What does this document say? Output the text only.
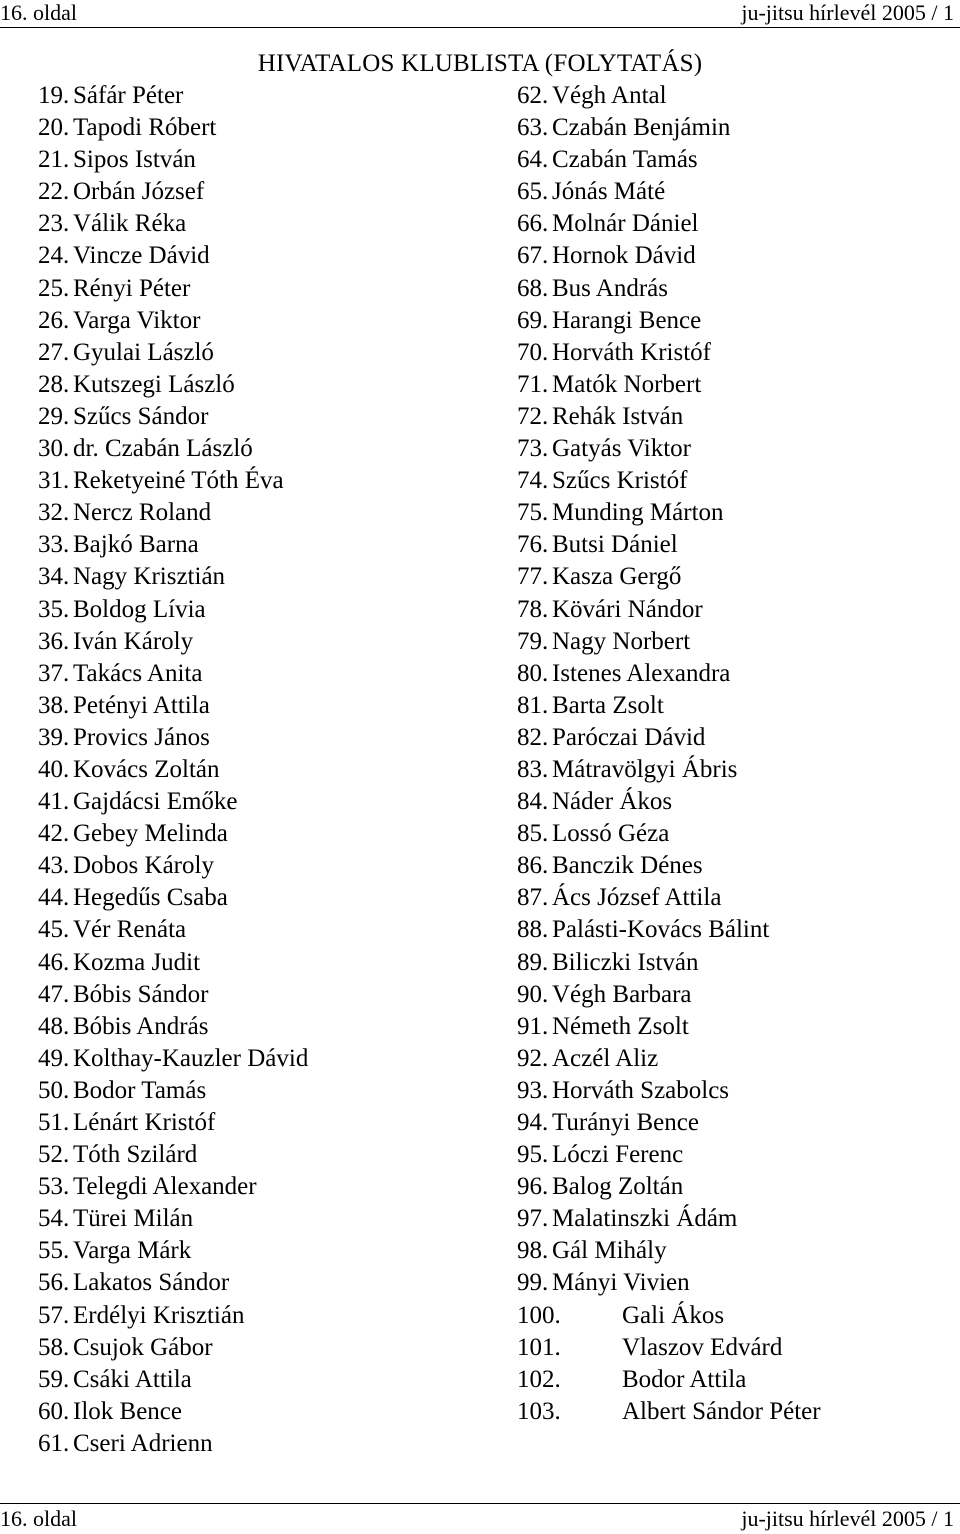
16. oldal	ju-jitsu hírlevél 2005 / 1
HIVATALOS KLUBLISTA (FOLYTATÁS)
19. Sáfár Péter
20. Tapodi Róbert
21. Sipos István
22. Orbán József
23. Válik Réka
24. Vincze Dávid
25. Rényi Péter
26. Varga Viktor
27. Gyulai László
28. Kutszegi László
29. Szűcs Sándor
30. dr. Czabán László
31. Reketyeiné Tóth Éva
32. Nercz Roland
33. Bajkó Barna
34. Nagy Krisztián
35. Boldog Lívia
36. Iván Károly
37. Takács Anita
38. Petényi Attila
39. Provics János
40. Kovács Zoltán
41. Gajdácsi Emőke
42. Gebey Melinda
43. Dobos Károly
44. Hegedűs Csaba
45. Vér Renáta
46. Kozma Judit
47. Bóbis Sándor
48. Bóbis András
49. Kolthay-Kauzler Dávid
50. Bodor Tamás
51. Lénárt Kristóf
52. Tóth Szilárd
53. Telegdi Alexander
54. Türei Milán
55. Varga Márk
56. Lakatos Sándor
57. Erdélyi Krisztián
58. Csujok Gábor
59. Csáki Attila
60. Ilok Bence
61. Cseri Adrienn
62. Végh Antal
63. Czabán Benjámin
64. Czabán Tamás
65. Jónás Máté
66. Molnár Dániel
67. Hornok Dávid
68. Bus András
69. Harangi Bence
70. Horváth Kristóf
71. Matók Norbert
72. Rehák István
73. Gatyás Viktor
74. Szűcs Kristóf
75. Munding Márton
76. Butsi Dániel
77. Kasza Gergő
78. Kövári Nándor
79. Nagy Norbert
80. Istenes Alexandra
81. Barta Zsolt
82. Paróczai Dávid
83. Mátravölgyi Ábris
84. Náder Ákos
85. Lossó Géza
86. Banczik Dénes
87. Ács József Attila
88. Palásti-Kovács Bálint
89. Biliczki István
90. Végh Barbara
91. Németh Zsolt
92. Aczél Aliz
93. Horváth Szabolcs
94. Turányi Bence
95. Lóczi Ferenc
96. Balog Zoltán
97. Malatinszki Ádám
98. Gál Mihály
99. Mányi Vivien
100. Gali Ákos
101. Vlaszov Edvárd
102. Bodor Attila
103. Albert Sándor Péter
16. oldal	ju-jitsu hírlevél 2005 / 1
